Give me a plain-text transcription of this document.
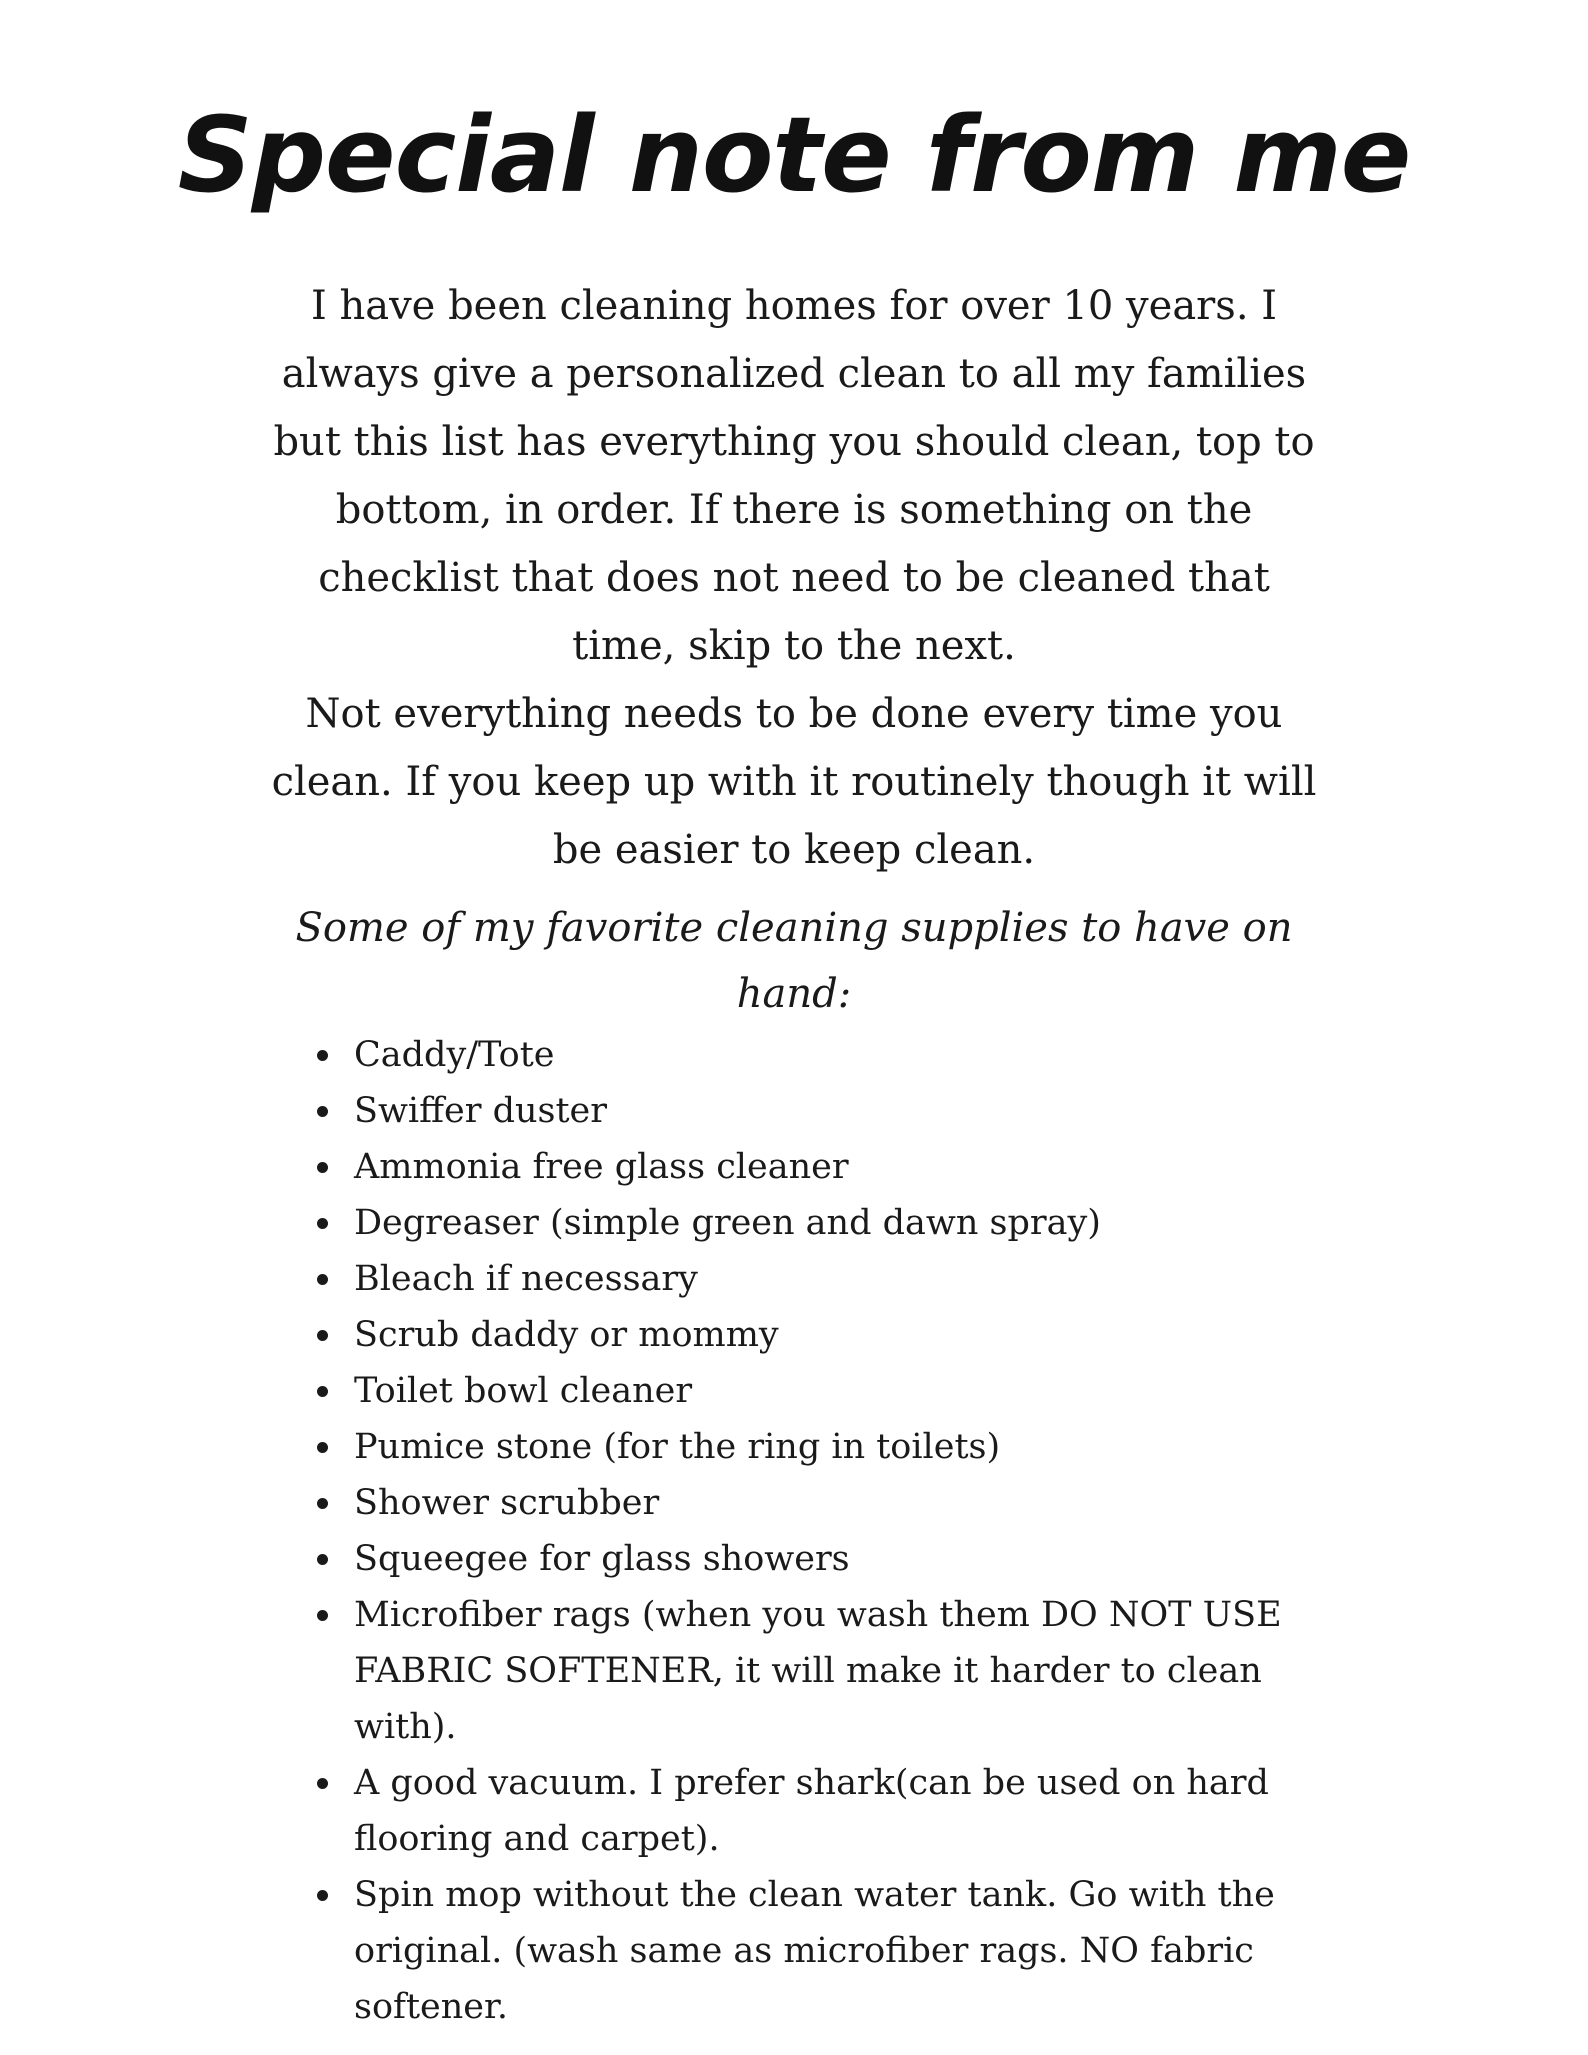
Special note from me

I have been cleaning homes for over 10 years. I always give a personalized clean to all my families but this list has everything you should clean, top to bottom, in order. If there is something on the checklist that does not need to be cleaned that time, skip to the next.

Not everything needs to be done every time you clean. If you keep up with it routinely though it will be easier to keep clean.

Some of my favorite cleaning supplies to have on hand:

Caddy/Tote
Swiffer duster
Ammonia free glass cleaner
Degreaser (simple green and dawn spray)
Bleach if necessary
Scrub daddy or mommy
Toilet bowl cleaner
Pumice stone (for the ring in toilets)
Shower scrubber
Squeegee for glass showers
Microfiber rags (when you wash them DO NOT USE FABRIC SOFTENER, it will make it harder to clean with).
A good vacuum. I prefer shark(can be used on hard flooring and carpet).
Spin mop without the clean water tank. Go with the original. (wash same as microfiber rags. NO fabric softener.
